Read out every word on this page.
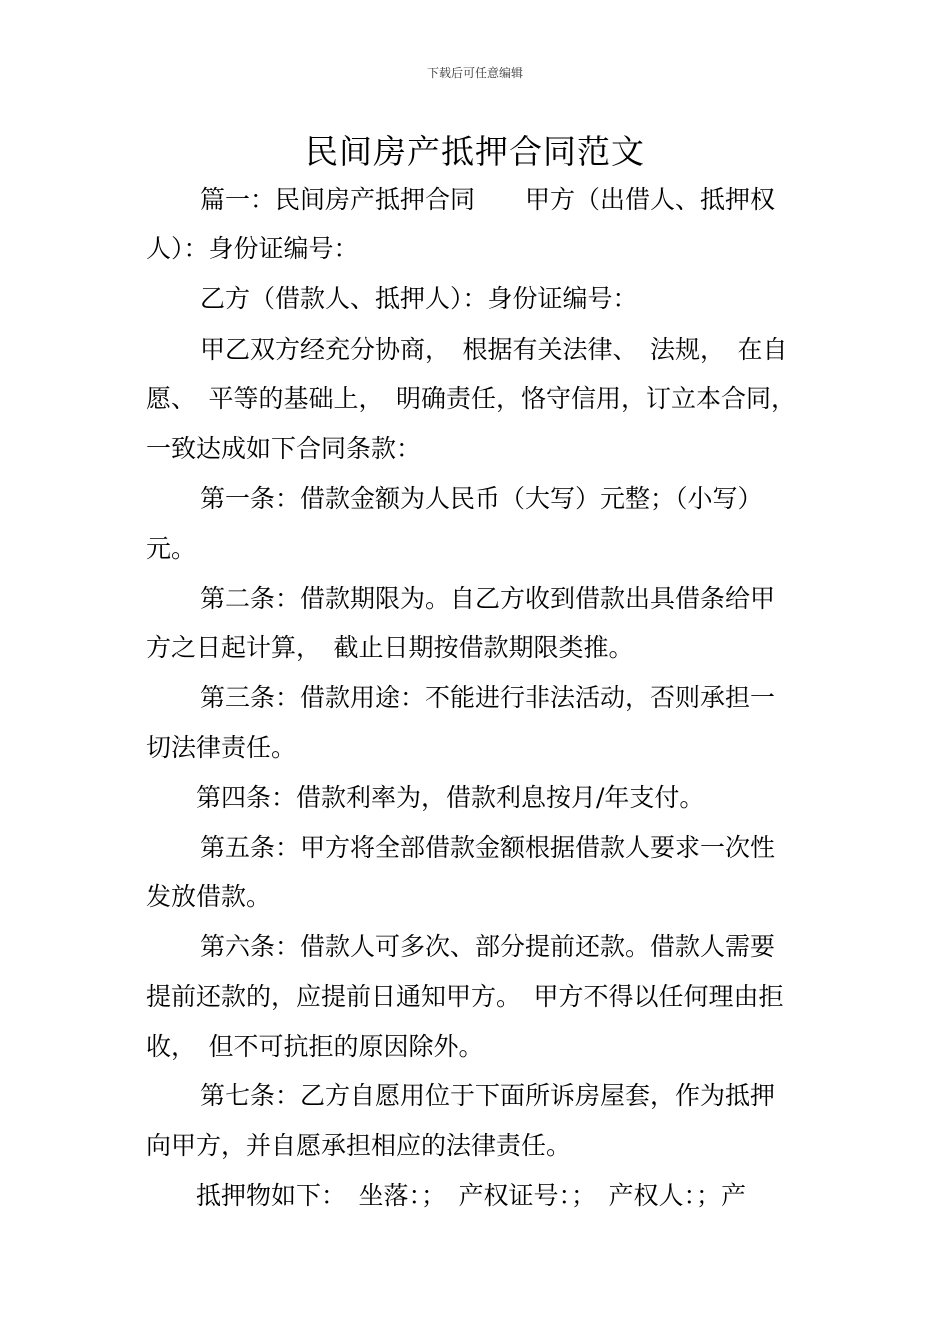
下载后可任意编辑
民间房产抵押合同范文
篇一：民间房产抵押合同　　甲方（出借人、抵押权
人）：身份证编号：
乙方（借款人、抵押人）：身份证编号：
甲乙双方经充分协商，　根据有关法律、　法规，　在自
愿、　平等的基础上，　明确责任，恪守信用，订立本合同，
一致达成如下合同条款：
第一条：借款金额为人民币（大写）元整；（小写）
元。
第二条：借款期限为。自乙方收到借款出具借条给甲
方之日起计算，　截止日期按借款期限类推。
第三条：借款用途：不能进行非法活动，否则承担一
切法律责任。
第四条：借款利率为，借款利息按月/年支付。
第五条：甲方将全部借款金额根据借款人要求一次性
发放借款。
第六条：借款人可多次、部分提前还款。借款人需要
提前还款的，应提前日通知甲方。　甲方不得以任何理由拒
收，　但不可抗拒的原因除外。
第七条：乙方自愿用位于下面所诉房屋套，作为抵押
向甲方，并自愿承担相应的法律责任。
抵押物如下：　坐落：；　产权证号：；　产权人：；产
